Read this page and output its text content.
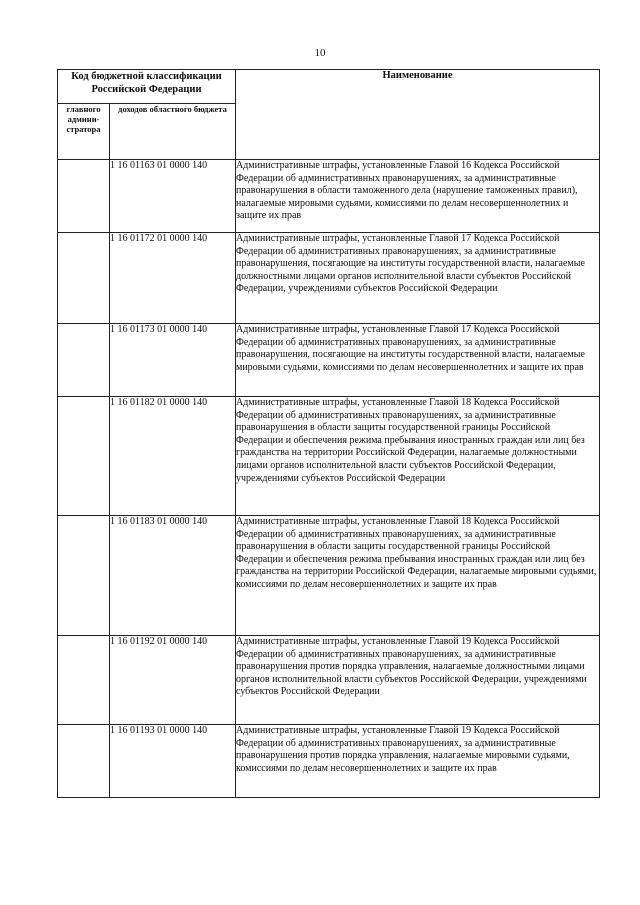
10
Код бюджетной классификации Российской Федерации		Наименование
главного админи-стратора	доходов областного бюджета	
	1 16 01163 01 0000 140	Административные штрафы, установленные Главой 16 Кодекса Российской Федерации об административных правонарушениях, за административные правонарушения в области таможенного дела (нарушение таможенных правил), налагаемые мировыми судьями, комиссиями по делам несовершеннолетних и защите их прав
	1 16 01172 01 0000 140	Административные штрафы, установленные Главой 17 Кодекса Российской Федерации об административных правонарушениях, за административные правонарушения, посягающие на институты государственной власти, налагаемые должностными лицами органов исполнительной власти субъектов Российской Федерации, учреждениями субъектов Российской Федерации
	1 16 01173 01 0000 140	Административные штрафы, установленные Главой 17 Кодекса Российской Федерации об административных правонарушениях, за административные правонарушения, посягающие на институты государственной власти, налагаемые мировыми судьями, комиссиями по делам несовершеннолетних и защите их прав
	1 16 01182 01 0000 140	Административные штрафы, установленные Главой 18 Кодекса Российской Федерации об административных правонарушениях, за административные правонарушения в области защиты государственной границы Российской Федерации и обеспечения режима пребывания иностранных граждан или лиц без гражданства на территории Российской Федерации, налагаемые должностными лицами органов исполнительной власти субъектов Российской Федерации, учреждениями субъектов Российской Федерации
	1 16 01183 01 0000 140	Административные штрафы, установленные Главой 18 Кодекса Российской Федерации об административных правонарушениях, за административные правонарушения в области защиты государственной границы Российской Федерации и обеспечения режима пребывания иностранных граждан или лиц без гражданства на территории Российской Федерации, налагаемые мировыми судьями, комиссиями по делам несовершеннолетних и защите их прав
	1 16 01192 01 0000 140	Административные штрафы, установленные Главой 19 Кодекса Российской Федерации об административных правонарушениях, за административные правонарушения против порядка управления, налагаемые должностными лицами органов исполнительной власти субъектов Российской Федерации, учреждениями субъектов Российской Федерации
	1 16 01193 01 0000 140	Административные штрафы, установленные Главой 19 Кодекса Российской Федерации об административных правонарушениях, за административные правонарушения против порядка управления, налагаемые мировыми судьями, комиссиями по делам несовершеннолетних и защите их прав
